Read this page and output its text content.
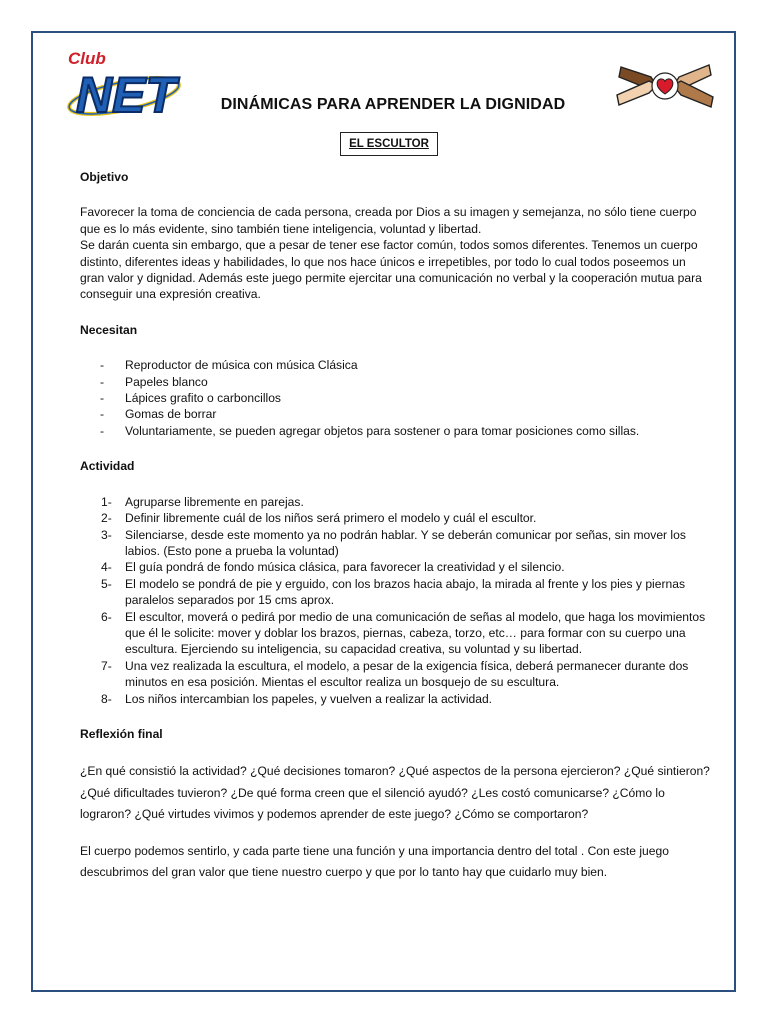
Club
NET	DINÁMICAS PARA APRENDER LA DIGNIDAD
EL ESCULTOR

Objetivo

Favorecer la toma de conciencia de cada persona, creada por Dios a su imagen y semejanza, no sólo tiene cuerpo que es lo más evidente, sino también tiene inteligencia, voluntad y libertad.

Se darán cuenta sin embargo, que a pesar de tener ese factor común, todos somos diferentes. Tenemos un cuerpo distinto, diferentes ideas y habilidades, lo que nos hace únicos e irrepetibles, por todo lo cual todos poseemos un gran valor y dignidad. Además este juego permite ejercitar una comunicación no verbal y la cooperación mutua para conseguir una expresión creativa.

Necesitan

- Reproductor de música con música Clásica
- Papeles blanco
- Lápices grafito o carboncillos
- Gomas de borrar
- Voluntariamente, se pueden agregar objetos para sostener o para tomar posiciones como sillas.

Actividad

1- Agruparse libremente en parejas.
2- Definir libremente cuál de los niños será primero el modelo y cuál el escultor.
3- Silenciarse, desde este momento ya no podrán hablar. Y se deberán comunicar por señas, sin mover los labios. (Esto pone a prueba la voluntad)
4- El guía pondrá de fondo música clásica, para favorecer la creatividad y el silencio.
5- El modelo se pondrá de pie y erguido, con los brazos hacia abajo, la mirada al frente y los pies y piernas paralelos separados por 15 cms aprox.
6- El escultor, moverá o pedirá por medio de una comunicación de señas al modelo, que haga los movimientos que él le solicite: mover y doblar los brazos, piernas, cabeza, torzo, etc… para formar con su cuerpo una escultura. Ejerciendo su inteligencia, su capacidad creativa, su voluntad y su libertad.
7- Una vez realizada la escultura, el modelo, a pesar de la exigencia física, deberá permanecer durante dos minutos en esa posición. Mientas el escultor realiza un bosquejo de su escultura.
8- Los niños intercambian los papeles, y vuelven a realizar la actividad.

Reflexión final

¿En qué consistió la actividad? ¿Qué decisiones tomaron? ¿Qué aspectos de la persona ejercieron? ¿Qué sintieron? ¿Qué dificultades tuvieron? ¿De qué forma creen que el silenció ayudó? ¿Les costó comunicarse? ¿Cómo lo lograron? ¿Qué virtudes vivimos y podemos aprender de este juego? ¿Cómo se comportaron?

El cuerpo podemos sentirlo, y cada parte tiene una función y una importancia dentro del total . Con este juego descubrimos del gran valor que tiene nuestro cuerpo y que por lo tanto hay que cuidarlo muy bien.
